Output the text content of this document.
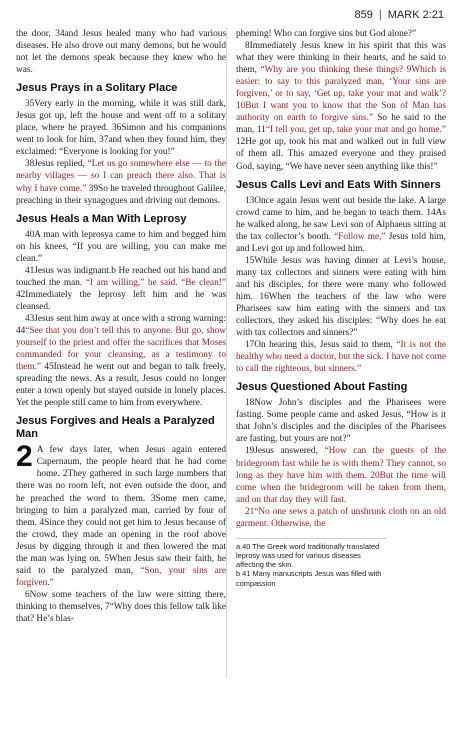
859 | MARK 2:21

the door, 34and Jesus healed many who had various diseases. He also drove out many demons, but he would not let the demons speak because they knew who he was.

Jesus Prays in a Solitary Place

35Very early in the morning, while it was still dark, Jesus got up, left the house and went off to a solitary place, where he prayed. 36Simon and his companions went to look for him, 37and when they found him, they exclaimed: “Everyone is looking for you!”

38Jesus replied, “Let us go somewhere else — to the nearby villages — so I can preach there also. That is why I have come.” 39So he traveled throughout Galilee, preaching in their synagogues and driving out demons.

Jesus Heals a Man With Leprosy

40A man with leprosya came to him and begged him on his knees, “If you are willing, you can make me clean.”

41Jesus was indignant.b He reached out his hand and touched the man. “I am willing,” he said. “Be clean!” 42Immediately the leprosy left him and he was cleansed.

43Jesus sent him away at once with a strong warning: 44“See that you don’t tell this to anyone. But go, show yourself to the priest and offer the sacrifices that Moses commanded for your cleansing, as a testimony to them.” 45Instead he went out and began to talk freely, spreading the news. As a result, Jesus could no longer enter a town openly but stayed outside in lonely places. Yet the people still came to him from everywhere.

Jesus Forgives and Heals a Paralyzed Man

2 A few days later, when Jesus again entered Capernaum, the people heard that he had come home. 2They gathered in such large numbers that there was no room left, not even outside the door, and he preached the word to them. 3Some men came, bringing to him a paralyzed man, carried by four of them. 4Since they could not get him to Jesus because of the crowd, they made an opening in the roof above Jesus by digging through it and then lowered the mat the man was lying on. 5When Jesus saw their faith, he said to the paralyzed man, “Son, your sins are forgiven.”

6Now some teachers of the law were sitting there, thinking to themselves, 7“Why does this fellow talk like that? He’s blas-

pheming! Who can forgive sins but God alone?”

8Immediately Jesus knew in his spirit that this was what they were thinking in their hearts, and he said to them, “Why are you thinking these things? 9Which is easier: to say to this paralyzed man, ‘Your sins are forgiven,’ or to say, ‘Get up, take your mat and walk’? 10But I want you to know that the Son of Man has authority on earth to forgive sins.” So he said to the man, 11“I tell you, get up, take your mat and go home.” 12He got up, took his mat and walked out in full view of them all. This amazed everyone and they praised God, saying, “We have never seen anything like this!”

Jesus Calls Levi and Eats With Sinners

13Once again Jesus went out beside the lake. A large crowd came to him, and he began to teach them. 14As he walked along, he saw Levi son of Alphaeus sitting at the tax collector’s booth. “Follow me,” Jesus told him, and Levi got up and followed him.

15While Jesus was having dinner at Levi’s house, many tax collectors and sinners were eating with him and his disciples, for there were many who followed him. 16When the teachers of the law who were Pharisees saw him eating with the sinners and tax collectors, they asked his disciples: “Why does he eat with tax collectors and sinners?”

17On hearing this, Jesus said to them, “It is not the healthy who need a doctor, but the sick. I have not come to call the righteous, but sinners.”

Jesus Questioned About Fasting

18Now John’s disciples and the Pharisees were fasting. Some people came and asked Jesus, “How is it that John’s disciples and the disciples of the Pharisees are fasting, but yours are not?”

19Jesus answered, “How can the guests of the bridegroom fast while he is with them? They cannot, so long as they have him with them. 20But the time will come when the bridegroom will be taken from them, and on that day they will fast.

21“No one sews a patch of unshrunk cloth on an old garment. Otherwise, the

a 40 The Greek word traditionally translated leprosy was used for various diseases affecting the skin.
b 41 Many manuscripts Jesus was filled with compassion
